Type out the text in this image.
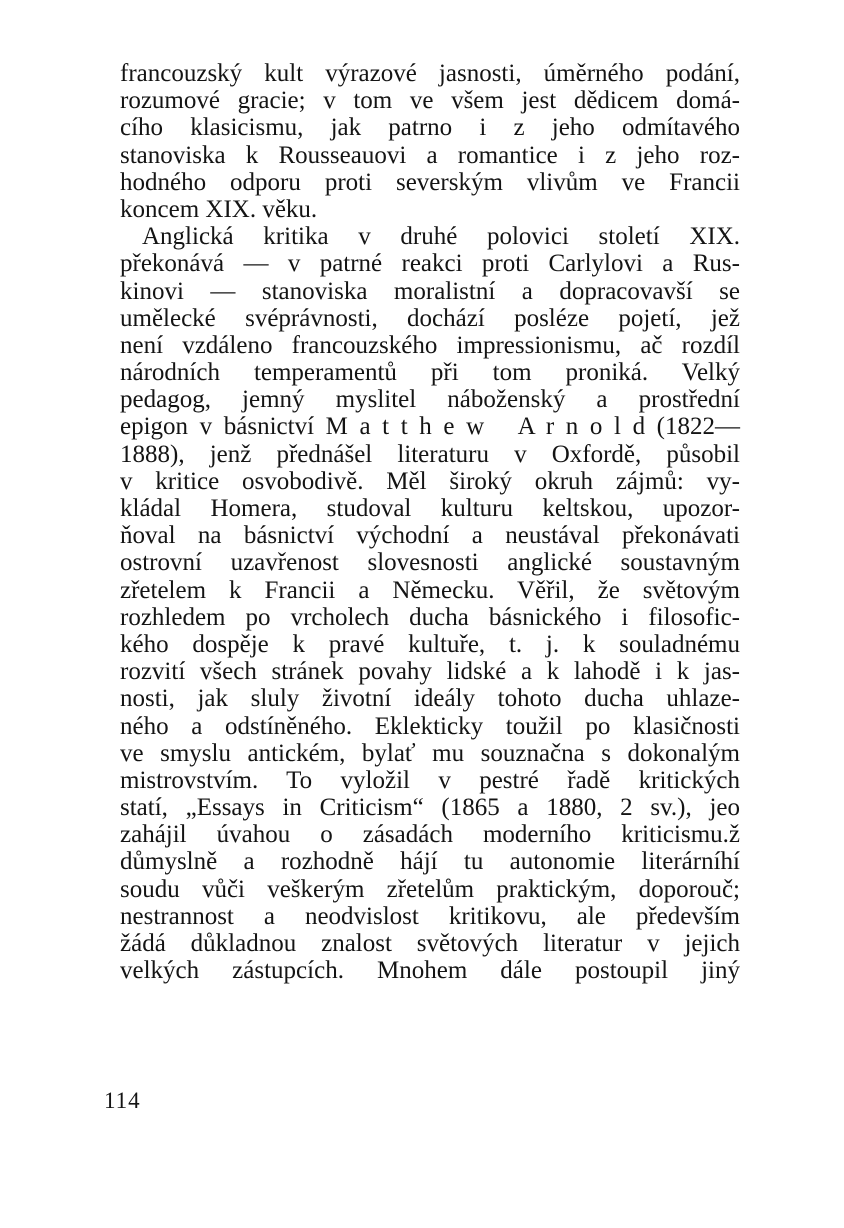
francouzský kult výrazové jasnosti, úměrného podání,
rozumové gracie; v tom ve všem jest dědicem domá-
cího klasicismu, jak patrno i z jeho odmítavého
stanoviska k Rousseauovi a romantice i z jeho roz-
hodného odporu proti severským vlivům ve Francii
koncem XIX. věku.
Anglická kritika v druhé polovici století XIX.
překonává — v patrné reakci proti Carlylovi a Rus-
kinovi — stanoviska moralistní a dopracovavší se
umělecké svéprávnosti, dochází posléze pojetí, jež
není vzdáleno francouzského impressionismu, ač rozdíl
národních temperamentů při tom proniká. Velký
pedagog, jemný myslitel náboženský a prostřední
epigon v básnictví M a t t h e w   A r n o l d (1822—
1888), jenž přednášel literaturu v Oxfordě, působil
v kritice osvobodivě. Měl široký okruh zájmů: vy-
kládal Homera, studoval kulturu keltskou, upozor-
ňoval na básnictví východní a neustával překonávati
ostrovní uzavřenost slovesnosti anglické soustavným
zřetelem k Francii a Německu. Věřil, že světovým
rozhledem po vrcholech ducha básnického i filosofic-
kého dospěje k pravé kultuře, t. j. k souladnému
rozvití všech stránek povahy lidské a k lahodě i k jas-
nosti, jak sluly životní ideály tohoto ducha uhlaze-
ného a odstíněného. Eklekticky toužil po klasičnosti
ve smyslu antickém, bylať mu souznačna s dokonalým
mistrovstvím. To vyložil v pestré řadě kritických
statí, „Essays in Criticism“ (1865 a 1880, 2 sv.), jeo
zahájil úvahou o zásadách moderního kriticismu.ž
důmyslně a rozhodně hájí tu autonomie literárníhí
soudu vůči veškerým zřetelům praktickým, doporouč;
nestrannost a neodvislost kritikovu, ale především
žádá důkladnou znalost světových literatur v jejich
velkých zástupcích. Mnohem dále postoupil jiný
114
